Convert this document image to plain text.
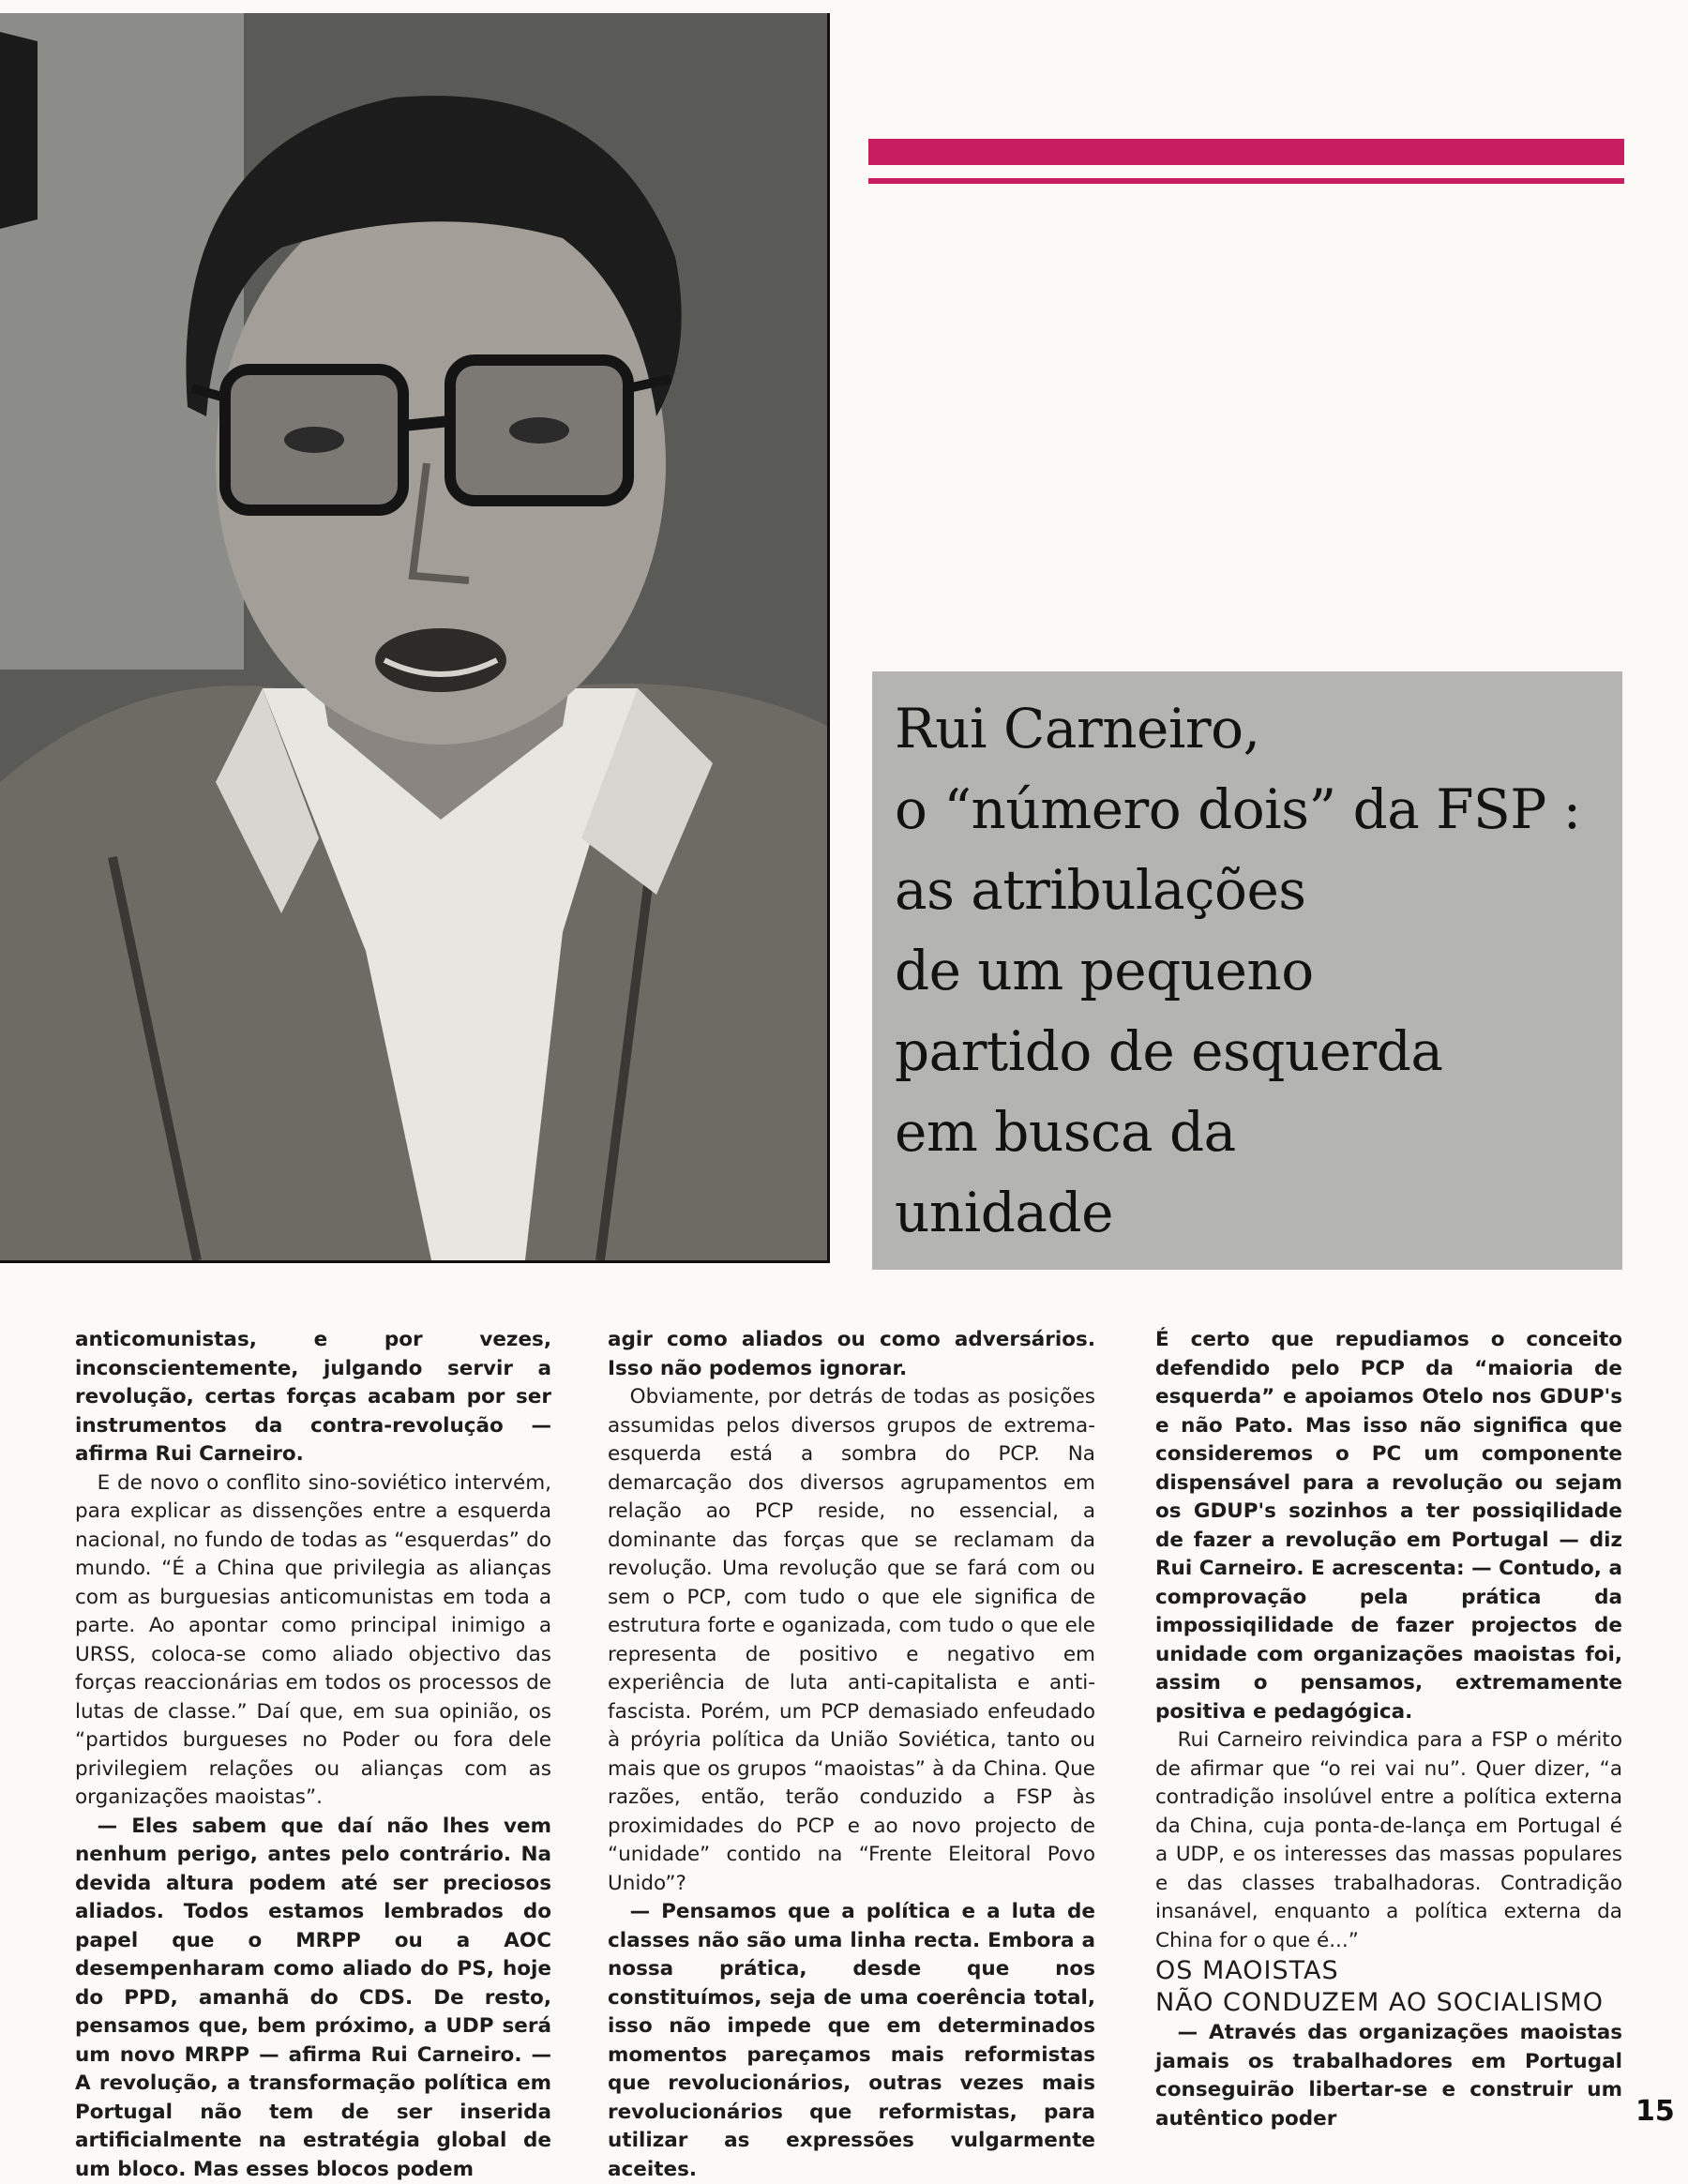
Rui Carneiro,
o “número dois” da FSP :
as atribulações
de um pequeno
partido de esquerda
em busca da
unidade

anticomunistas, e por vezes, inconscientemente, julgando servir a revolução, certas forças acabam por ser instrumentos da contra-revolução — afirma Rui Carneiro.

E de novo o conflito sino-soviético intervém, para explicar as dissenções entre a esquerda nacional, no fundo de todas as “esquerdas” do mundo. “É a China que privilegia as alianças com as burguesias anticomunistas em toda a parte. Ao apontar como principal inimigo a URSS, coloca-se como aliado objectivo das forças reaccionárias em todos os processos de lutas de classe.” Daí que, em sua opinião, os “partidos burgueses no Poder ou fora dele privilegiem relações ou alianças com as organizações maoistas”.

— Eles sabem que daí não lhes vem nenhum perigo, antes pelo contrário. Na devida altura podem até ser preciosos aliados. Todos estamos lembrados do papel que o MRPP ou a AOC desempenharam como aliado do PS, hoje do PPD, amanhã do CDS. De resto, pensamos que, bem próximo, a UDP será um novo MRPP — afirma Rui Carneiro. — A revolução, a transformação política em Portugal não tem de ser inserida artificialmente na estratégia global de um bloco. Mas esses blocos podem

agir como aliados ou como adversários. Isso não podemos ignorar.

Obviamente, por detrás de todas as posições assumidas pelos diversos grupos de extrema-esquerda está a sombra do PCP. Na demarcação dos diversos agrupamentos em relação ao PCP reside, no essencial, a dominante das forças que se reclamam da revolução. Uma revolução que se fará com ou sem o PCP, com tudo o que ele significa de estrutura forte e oganizada, com tudo o que ele representa de positivo e negativo em experiência de luta anti-capitalista e anti-fascista. Porém, um PCP demasiado enfeudado à próyria política da União Soviética, tanto ou mais que os grupos “maoistas” à da China. Que razões, então, terão conduzido a FSP às proximidades do PCP e ao novo projecto de “unidade” contido na “Frente Eleitoral Povo Unido”?

— Pensamos que a política e a luta de classes não são uma linha recta. Embora a nossa prática, desde que nos constituímos, seja de uma coerência total, isso não impede que em determinados momentos pareçamos mais reformistas que revolucionários, outras vezes mais revolucionários que reformistas, para utilizar as expressões vulgarmente aceites.

É certo que repudiamos o conceito defendido pelo PCP da “maioria de esquerda” e apoiamos Otelo nos GDUP's e não Pato. Mas isso não significa que consideremos o PC um componente dispensável para a revolução ou sejam os GDUP's sozinhos a ter possiqilidade de fazer a revolução em Portugal — diz Rui Carneiro. E acrescenta: — Contudo, a comprovação pela prática da impossiqilidade de fazer projectos de unidade com organizações maoistas foi, assim o pensamos, extremamente positiva e pedagógica.

Rui Carneiro reivindica para a FSP o mérito de afirmar que “o rei vai nu”. Quer dizer, “a contradição insolúvel entre a política externa da China, cuja ponta-de-lança em Portugal é a UDP, e os interesses das massas populares e das classes trabalhadoras. Contradição insanável, enquanto a política externa da China for o que é...”

OS MAOISTAS
NÃO CONDUZEM AO SOCIALISMO

— Através das organizações maoistas jamais os trabalhadores em Portugal conseguirão libertar-se e construir um autêntico poder	15
